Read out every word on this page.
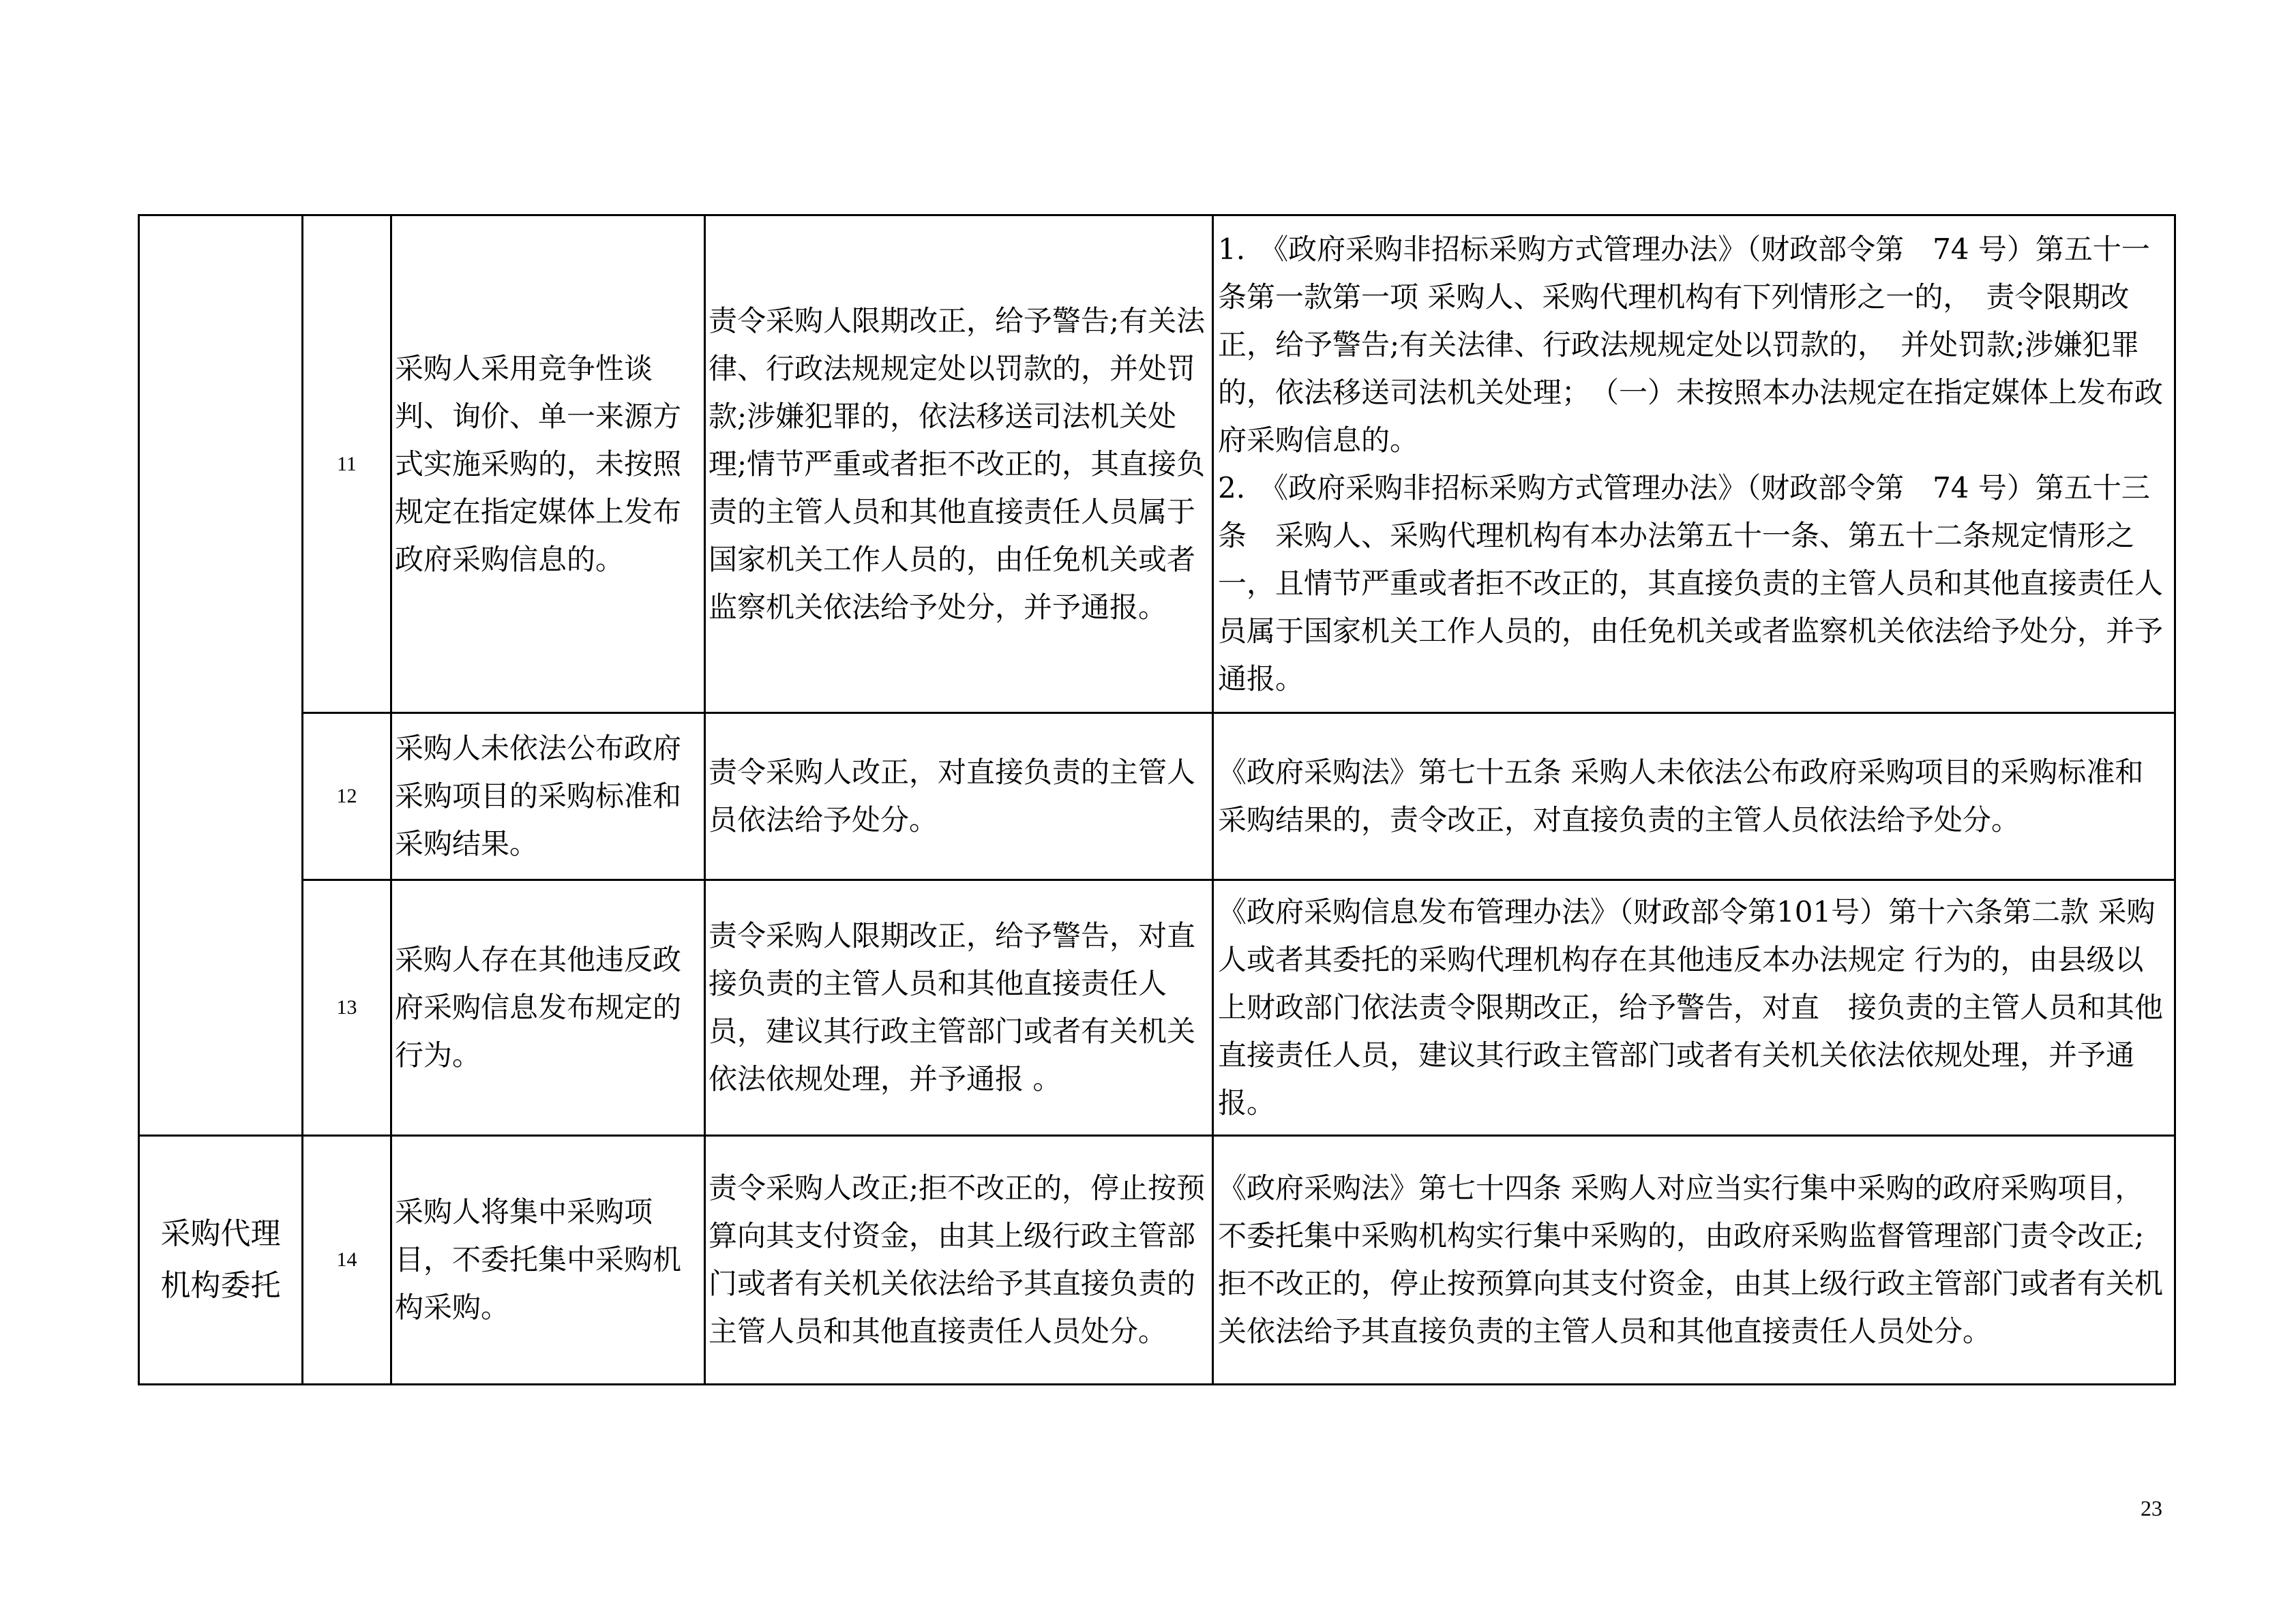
	11	采购人采用竞争性谈判、询价、单一来源方式实施采购的，未按照规定在指定媒体上发布政府采购信息的。	责令采购人限期改正，给予警告;有关法律、行政法规规定处以罚款的，并处罚款;涉嫌犯罪的，依法移送司法机关处理;情节严重或者拒不改正的，其直接负责的主管人员和其他直接责任人员属于国家机关工作人员的，由任免机关或者监察机关依法给予处分，并予通报。	1.　《政府采购非招标采购方式管理办法》（财政部令第　74 号）第五十一条第一款第一项 采购人、采购代理机构有下列情形之一的，　责令限期改正，给予警告;有关法律、行政法规规定处以罚款的，　并处罚款;涉嫌犯罪的，依法移送司法机关处理；　（一）未按照本办法规定在指定媒体上发布政府采购信息的。

2.　《政府采购非招标采购方式管理办法》（财政部令第　74 号）第五十三条　采购人、采购代理机构有本办法第五十一条、第五十二条规定情形之一，且情节严重或者拒不改正的，其直接负责的主管人员和其他直接责任人员属于国家机关工作人员的，由任免机关或者监察机关依法给予处分，并予通报。

	12	采购人未依法公布政府采购项目的采购标准和采购结果。	责令采购人改正，对直接负责的主管人员依法给予处分。	《政府采购法》第七十五条 采购人未依法公布政府采购项目的采购标准和采购结果的，责令改正，对直接负责的主管人员依法给予处分。

	13	采购人存在其他违反政府采购信息发布规定的行为。	责令采购人限期改正，给予警告，对直接负责的主管人员和其他直接责任人员，建议其行政主管部门或者有关机关依法依规处理，并予通报 。	《政府采购信息发布管理办法》（财政部令第101号）第十六条第二款 采购人或者其委托的采购代理机构存在其他违反本办法规定 行为的，由县级以上财政部门依法责令限期改正，给予警告，对直　接负责的主管人员和其他直接责任人员，建议其行政主管部门或者有关机关依法依规处理，并予通报。

采购代理机构委托	14	采购人将集中采购项目，不委托集中采购机构采购。	责令采购人改正;拒不改正的，停止按预算向其支付资金，由其上级行政主管部门或者有关机关依法给予其直接负责的主管人员和其他直接责任人员处分。	《政府采购法》第七十四条 采购人对应当实行集中采购的政府采购项目，不委托集中采购机构实行集中采购的，由政府采购监督管理部门责令改正;拒不改正的，停止按预算向其支付资金，由其上级行政主管部门或者有关机关依法给予其直接负责的主管人员和其他直接责任人员处分。

23
